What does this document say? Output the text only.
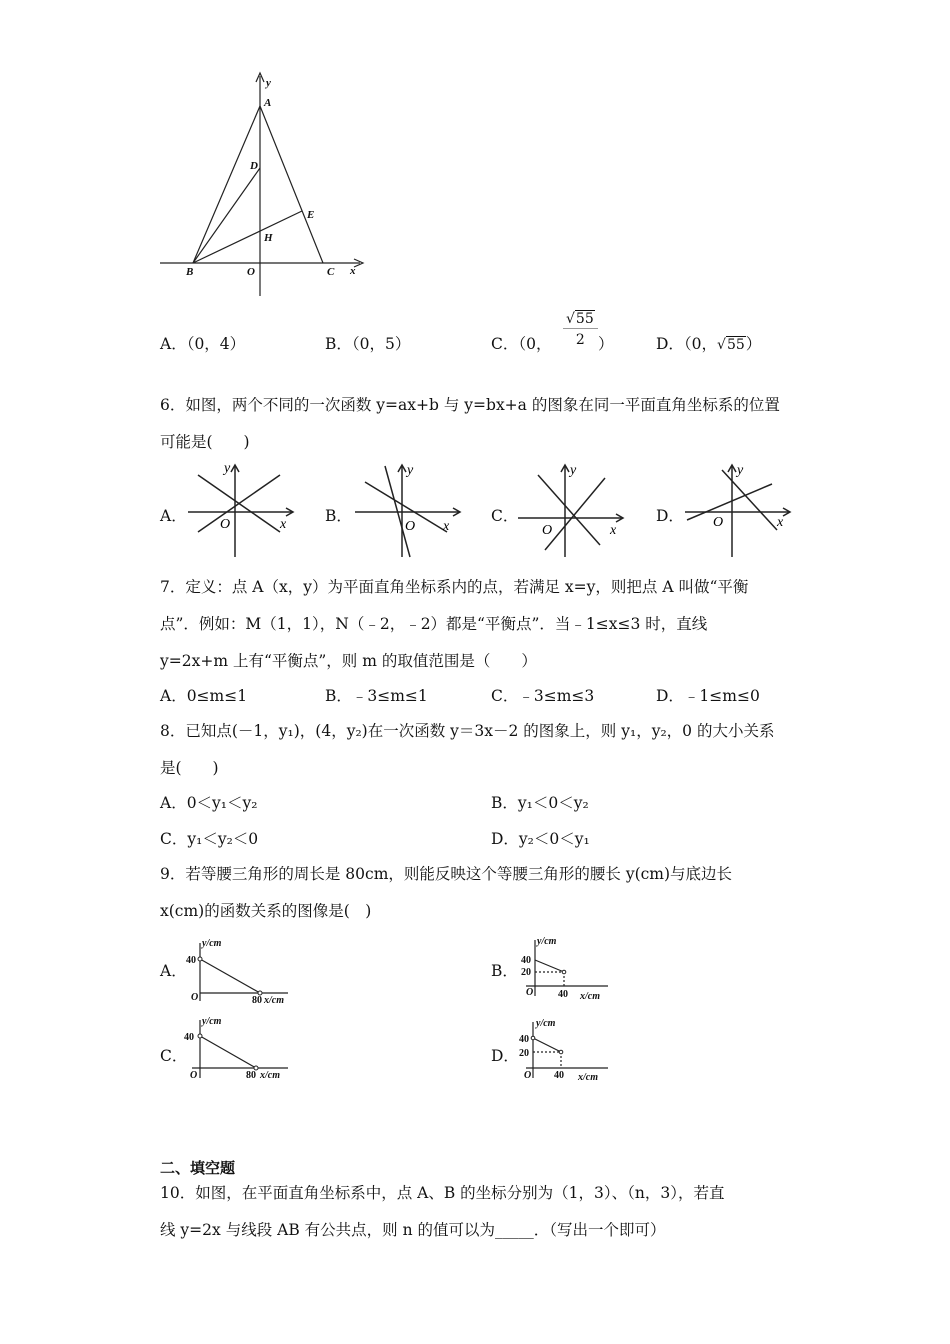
y
A
D
E
H
B	O	C x
A．（0，4）	B．（0，5）	C．（0， $\frac{√55}{2}$ ）	D．（0，√55）
6．如图，两个不同的一次函数 y=ax+b 与 y=bx+a 的图象在同一平面直角坐标系的位置
可能是(　　)
A．
y
O	x	B．
y
O x
C．
y
O	x
D．
y
O	x
7．定义：点 A（x，y）为平面直角坐标系内的点，若满足 x=y，则把点 A 叫做“平衡
点”．例如：M（1，1），N（﹣2，﹣2）都是“平衡点”．当﹣1≤x≤3 时，直线
y=2x+m 上有“平衡点”，则 m 的取值范围是（　　）
A．0≤m≤1	B．﹣3≤m≤1	C．﹣3≤m≤3	D．﹣1≤m≤0
8．已知点(－1，y₁)，(4，y₂)在一次函数 y＝3x－2 的图象上，则 y₁，y₂，0 的大小关系
是(　　)
A．0＜y₁＜y₂	B．y₁＜0＜y₂
C．y₁＜y₂＜0	D．y₂＜0＜y₁
9．若等腰三角形的周长是 80cm，则能反映这个等腰三角形的腰长 y(cm)与底边长
x(cm)的函数关系的图像是(　)
A．
y/cm
40
O	80 x/cm
B．
y/cm
40
20
O 40 x/cm
C．
y/cm
40
O	80 x/cm
D．
y/cm
40
20
O 40 x/cm
二、填空题
10．如图，在平面直角坐标系中，点 A、B 的坐标分别为（1，3）、（n，3），若直
线 y=2x 与线段 AB 有公共点，则 n 的值可以为_____．（写出一个即可）
